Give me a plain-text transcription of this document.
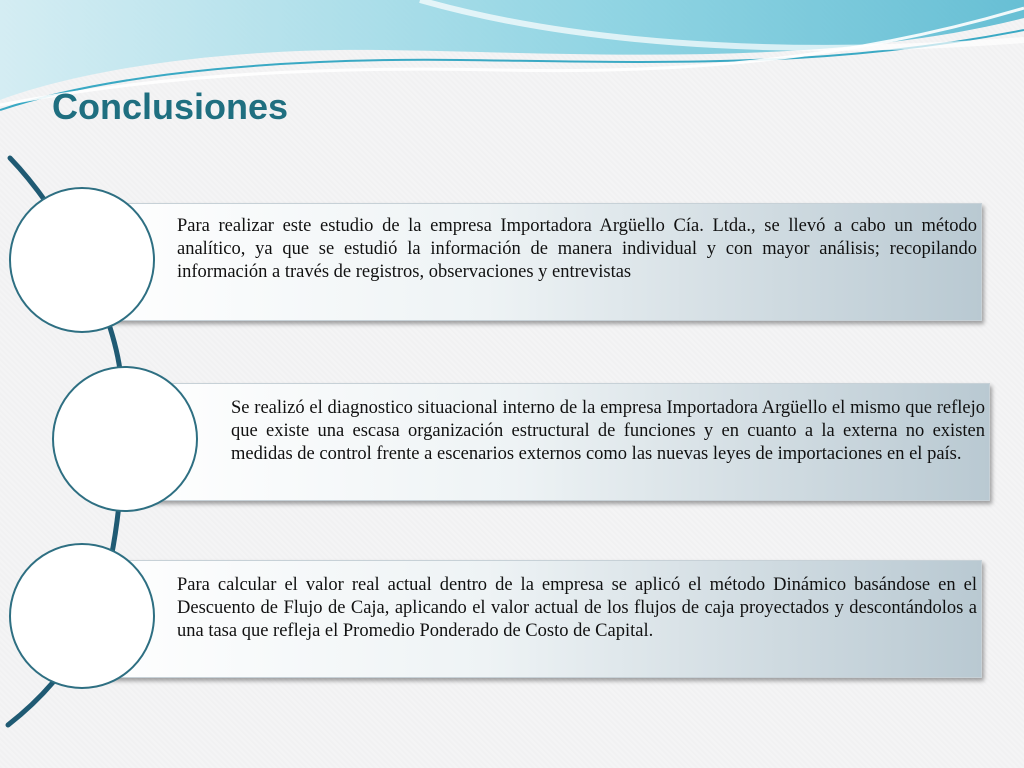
Conclusiones
Para realizar este estudio de la empresa Importadora Argüello Cía. Ltda., se llevó a cabo un método analítico, ya que se estudió la información de manera individual y con mayor análisis; recopilando información a través de registros, observaciones y entrevistas
Se realizó el diagnostico situacional interno de la empresa Importadora Argüello el mismo que reflejo que existe una escasa organización estructural de funciones y en cuanto a la externa no existen medidas de control frente a escenarios externos como las nuevas leyes de importaciones en el país.
Para calcular el valor real actual dentro de la empresa se aplicó el método Dinámico basándose en el Descuento de Flujo de Caja, aplicando el valor actual de los flujos de caja proyectados y descontándolos a una tasa que refleja el Promedio Ponderado de Costo de Capital.
